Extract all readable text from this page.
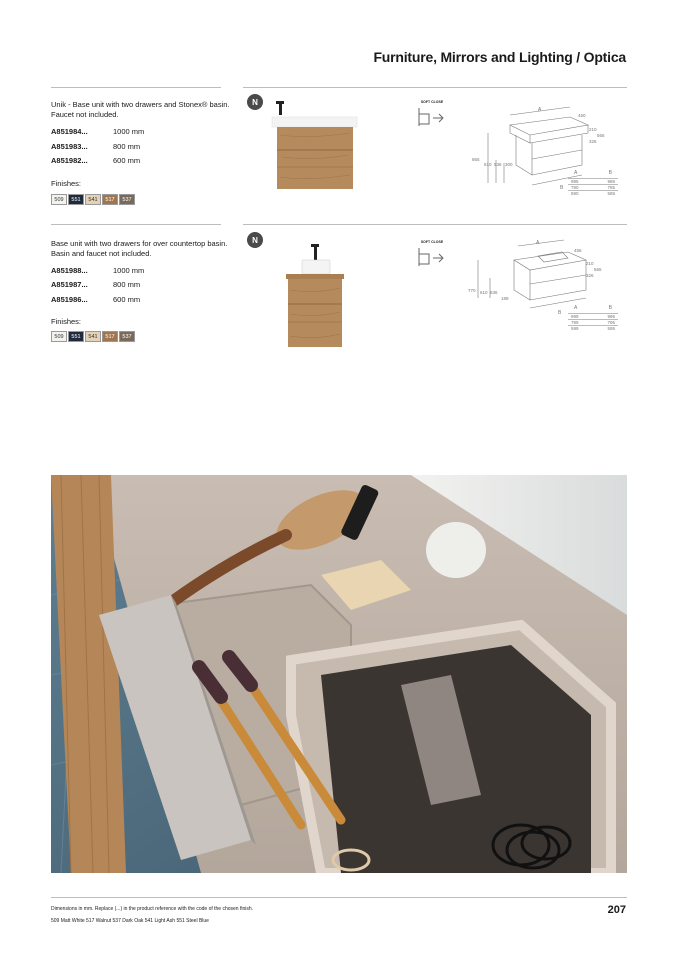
Furniture, Mirrors and Lighting / Optica
Unik - Base unit with two drawers and Stonex® basin. Faucet not included.
A851984...	1000 mm
A851983...	800 mm
A851982...	600 mm
Finishes:
509	551	541	517	537
N	SOFT CLOSE
A
B
450
210
565
326
865
610 536 300
A	B
995	985
790	785
590	585
Base unit with two drawers for over countertop basin. Basin and faucet not included.
A851988...	1000 mm
A851987...	800 mm
A851986...	600 mm
Finishes:
509	551	541	517	537
N	SOFT CLOSE	A
B
456
210
565
326
770 610 536
189
A	B
999	995
799	795
599	595
Dimensions in mm. Replace (...) in the product reference with the code of the chosen finish.
509 Matt White 517 Walnut 537 Dark Oak 541 Light Ash 551 Steel Blue
207
